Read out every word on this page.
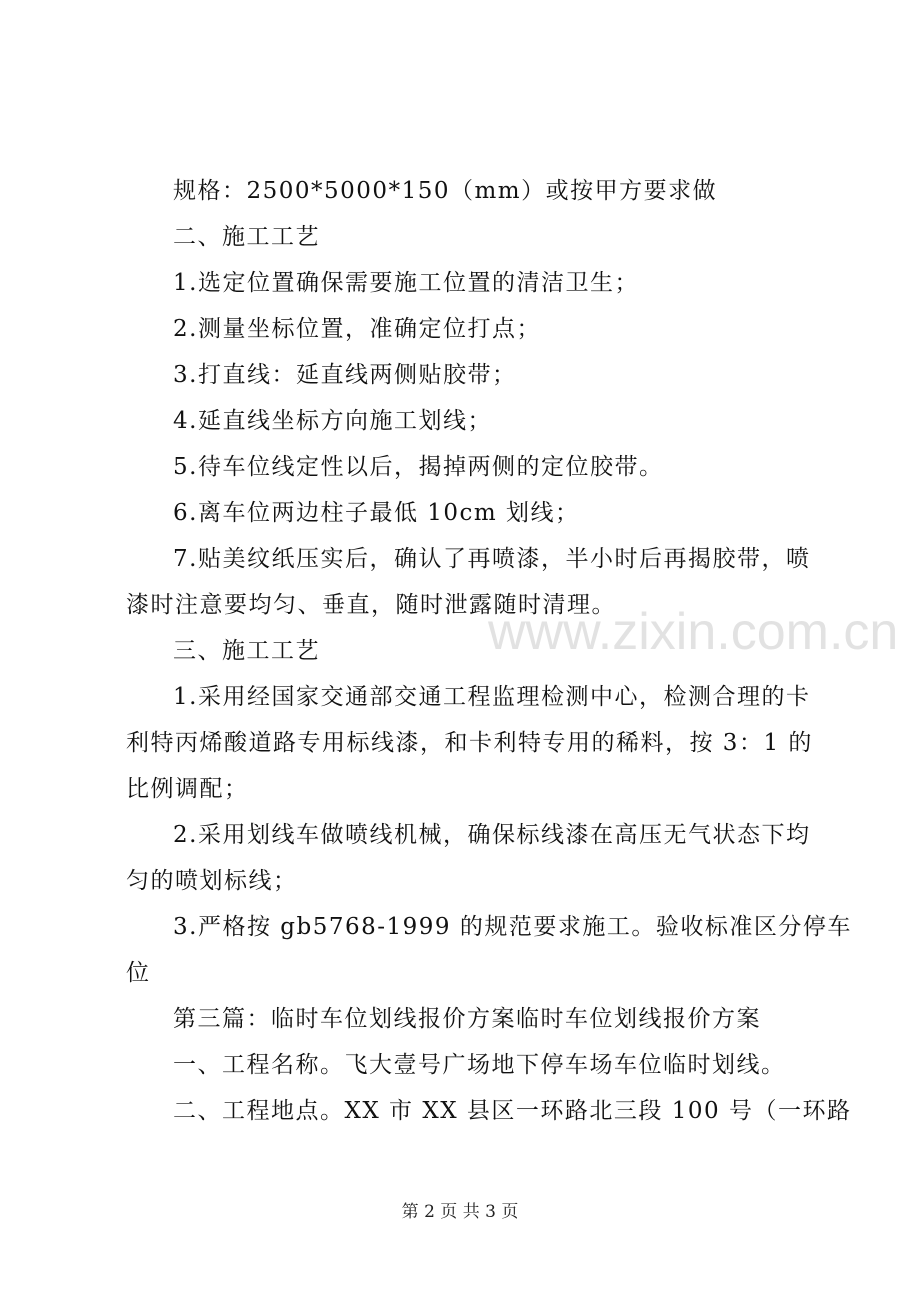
规格：2500*5000*150（mm）或按甲方要求做
二、施工工艺
1.选定位置确保需要施工位置的清洁卫生；
2.测量坐标位置，准确定位打点；
3.打直线：延直线两侧贴胶带；
4.延直线坐标方向施工划线；
5.待车位线定性以后，揭掉两侧的定位胶带。
6.离车位两边柱子最低 10cm 划线；
7.贴美纹纸压实后，确认了再喷漆，半小时后再揭胶带，喷
漆时注意要均匀、垂直，随时泄露随时清理。
三、施工工艺
1.采用经国家交通部交通工程监理检测中心，检测合理的卡
利特丙烯酸道路专用标线漆，和卡利特专用的稀料，按 3：1 的
比例调配；
2.采用划线车做喷线机械，确保标线漆在高压无气状态下均
匀的喷划标线；
3.严格按 gb5768-1999 的规范要求施工。验收标准区分停车
位
第三篇：临时车位划线报价方案临时车位划线报价方案
一、工程名称。飞大壹号广场地下停车场车位临时划线。
二、工程地点。XX 市 XX 县区一环路北三段 100 号（一环路
www.zixin.com.cn
第 2 页 共 3 页
